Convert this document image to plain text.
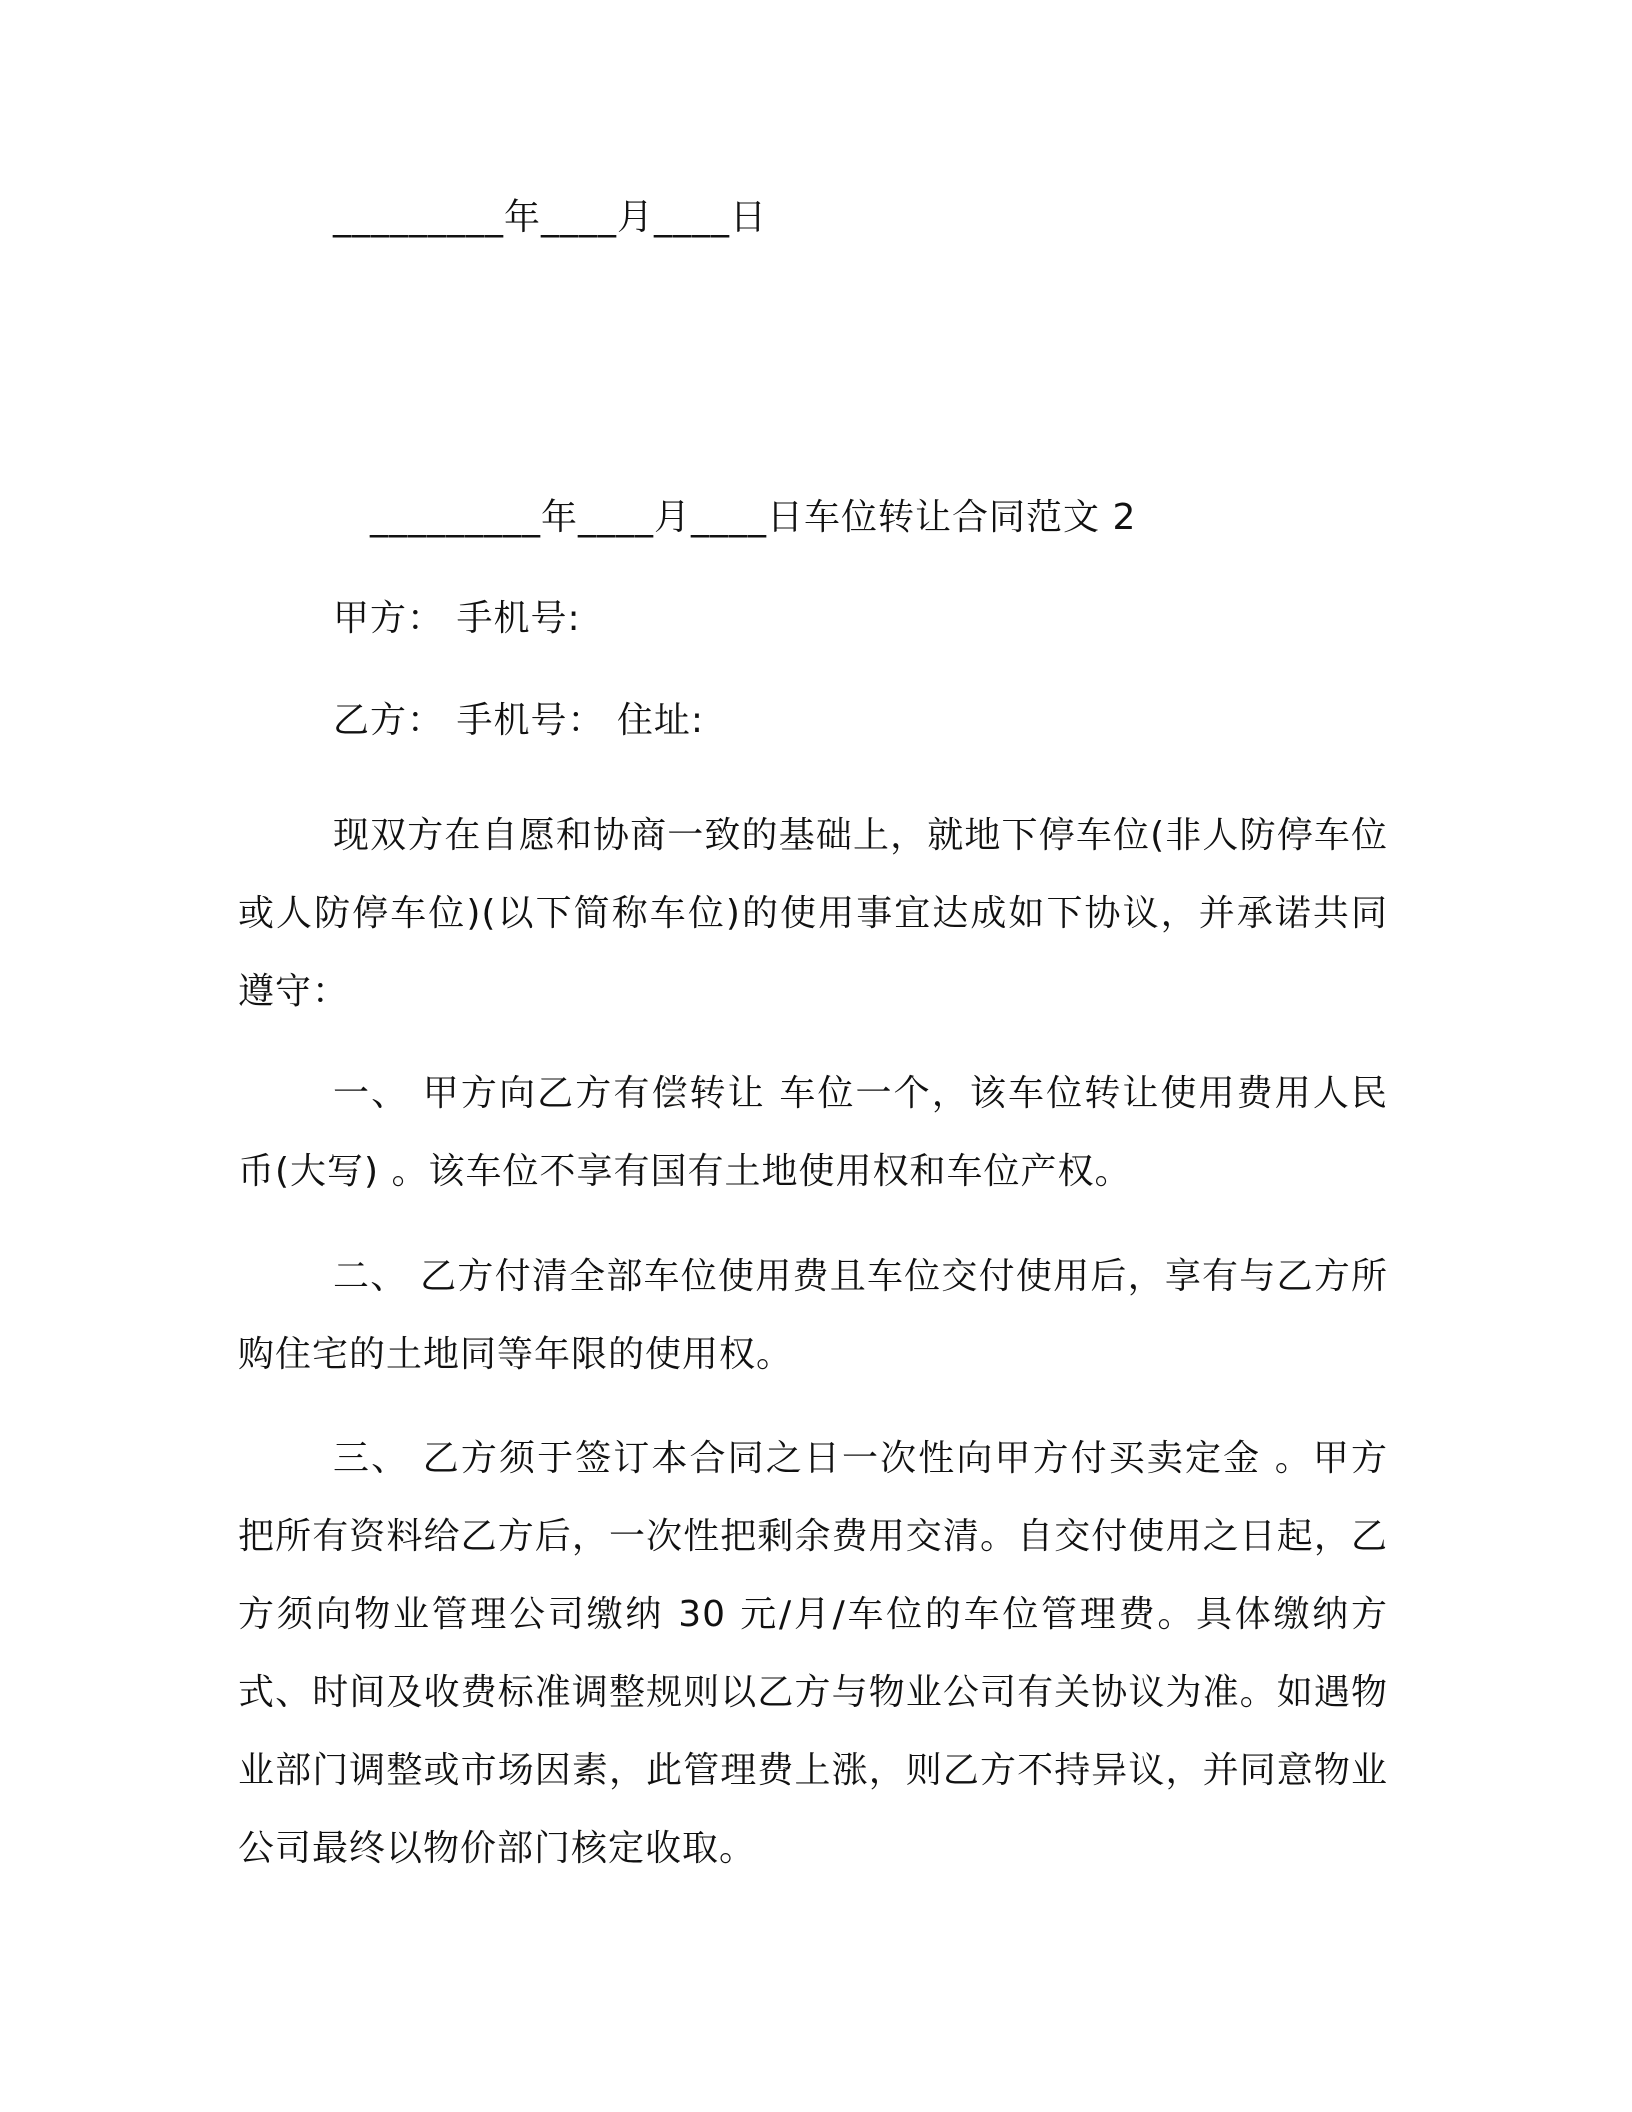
_________年____月____日
_________年____月____日车位转让合同范文 2
甲方： 手机号:
乙方： 手机号： 住址:
现双方在自愿和协商一致的基础上，就地下停车位(非人防停车位或人防停车位)(以下简称车位)的使用事宜达成如下协议，并承诺共同遵守：
一、 甲方向乙方有偿转让 车位一个，该车位转让使用费用人民币(大写) 。该车位不享有国有土地使用权和车位产权。
二、 乙方付清全部车位使用费且车位交付使用后，享有与乙方所购住宅的土地同等年限的使用权。
三、 乙方须于签订本合同之日一次性向甲方付买卖定金 。甲方把所有资料给乙方后，一次性把剩余费用交清。自交付使用之日起，乙方须向物业管理公司缴纳 30 元/月/车位的车位管理费。具体缴纳方式、时间及收费标准调整规则以乙方与物业公司有关协议为准。如遇物业部门调整或市场因素，此管理费上涨，则乙方不持异议，并同意物业公司最终以物价部门核定收取。
